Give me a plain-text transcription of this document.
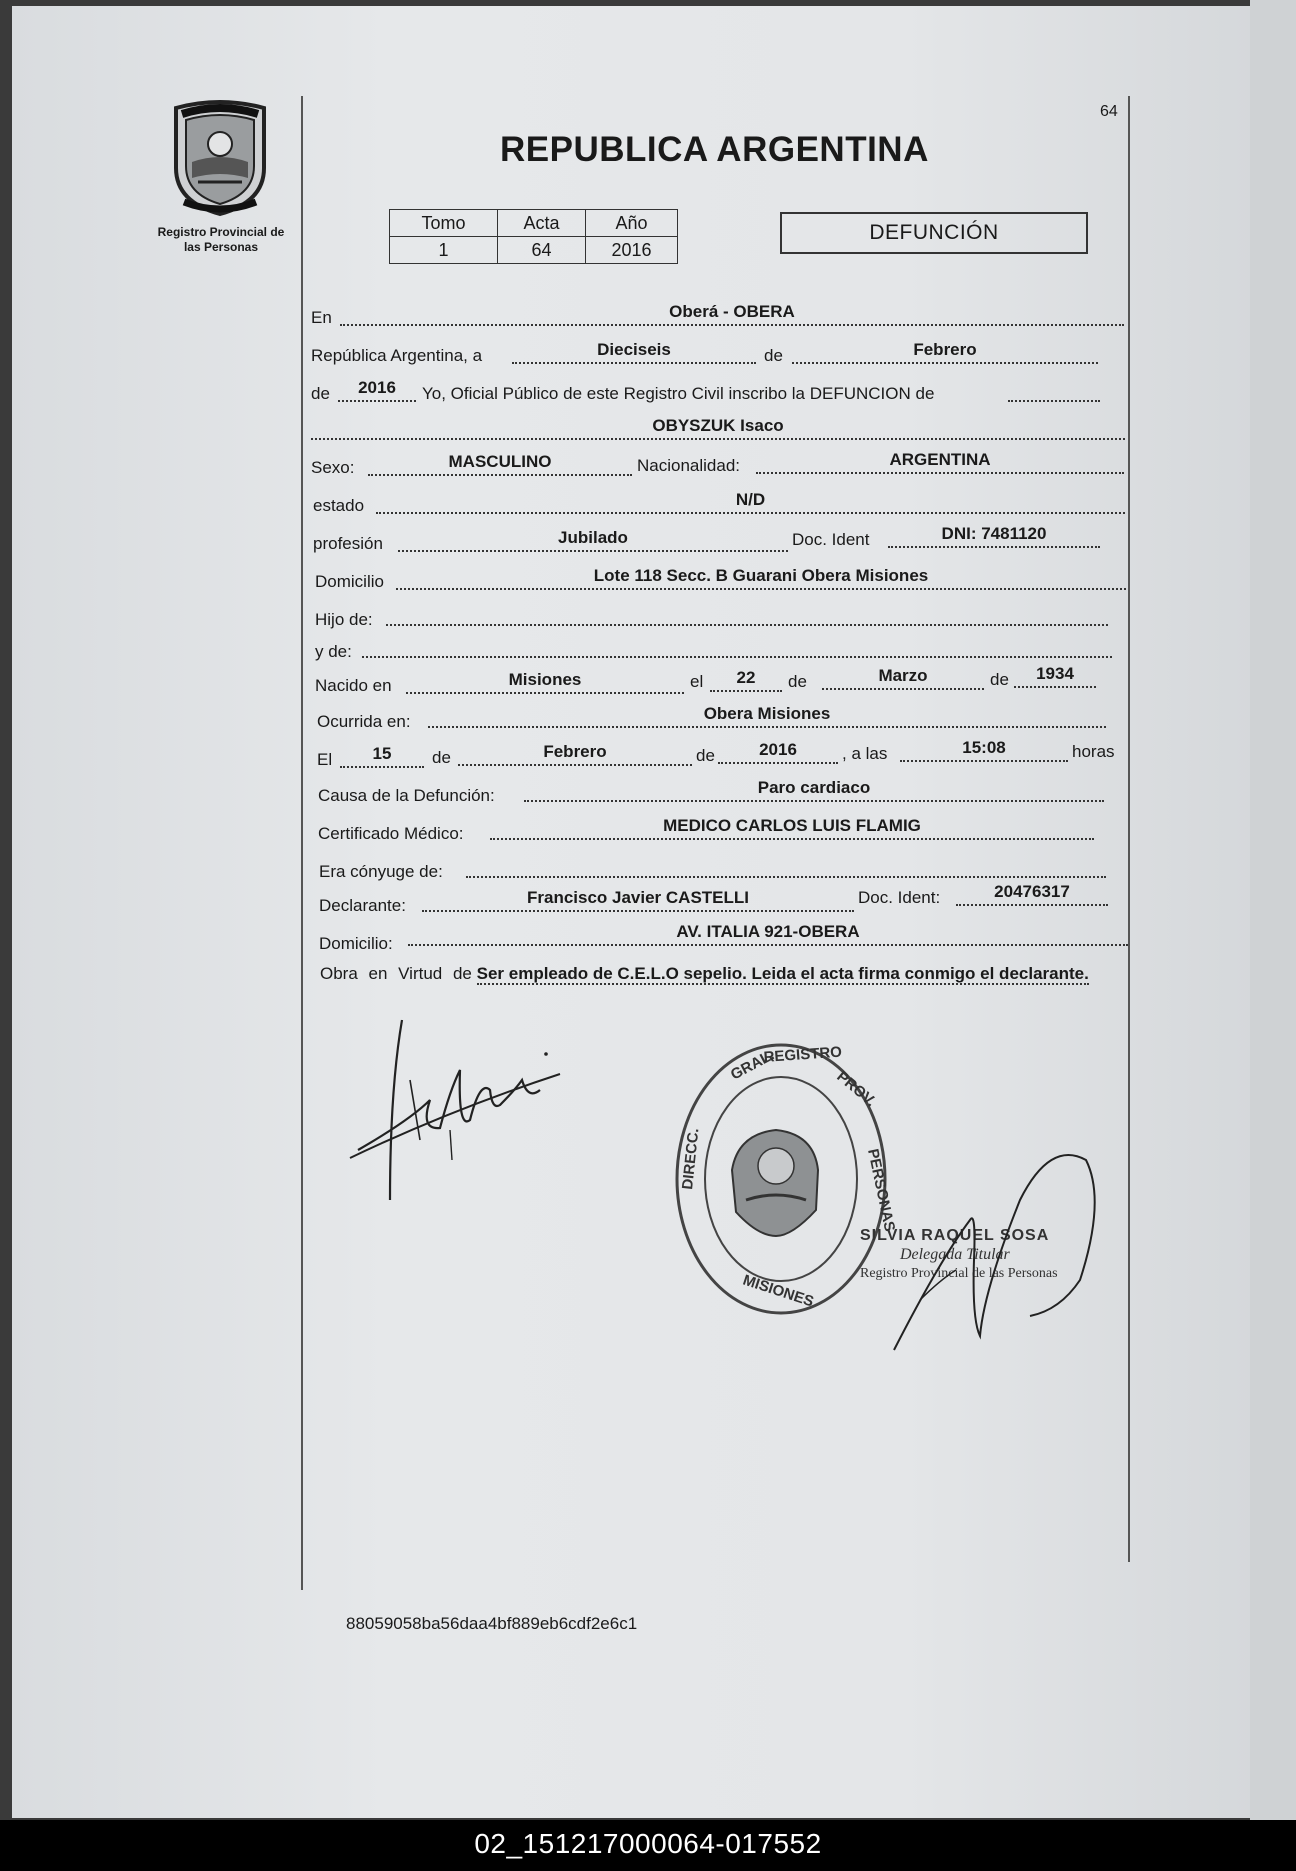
64
REPUBLICA ARGENTINA
Registro Provincial de
las Personas
Tomo	Acta	Año
1	64	2016
DEFUNCIÓN
En	Oberá - OBERA
República Argentina, a	Dieciseis	de	Febrero
de	2016	Yo, Oficial Público de este Registro Civil inscribo la DEFUNCION de
OBYSZUK Isaco
Sexo:	MASCULINO	Nacionalidad:	ARGENTINA
estado	N/D
profesión	Jubilado	Doc. Ident	DNI: 7481120
Domicilio	Lote 118 Secc. B Guarani Obera Misiones
Hijo de:
y de:
Nacido en	Misiones	el	22	de	Marzo	de	1934
Ocurrida en:	Obera Misiones
El	15	de	Febrero	de	2016	, a las	15:08	horas
Causa de la Defunción:	Paro cardiaco
Certificado Médico:	MEDICO CARLOS LUIS FLAMIG
Era cónyuge de:
Declarante:	Francisco Javier CASTELLI	Doc. Ident:	20476317
Domicilio:
AV. ITALIA 921-OBERA
Obra en Virtud de Ser empleado de C.E.L.O sepelio. Leida el acta firma conmigo el declarante.
GRAL.
REGISTRO
PROV.
DIRECC.	PERSONAS
MISIONES
SILVIA RAQUEL SOSA
Delegada Titular
Registro Provincial de las Personas
88059058ba56daa4bf889eb6cdf2e6c1
02_151217000064-017552
